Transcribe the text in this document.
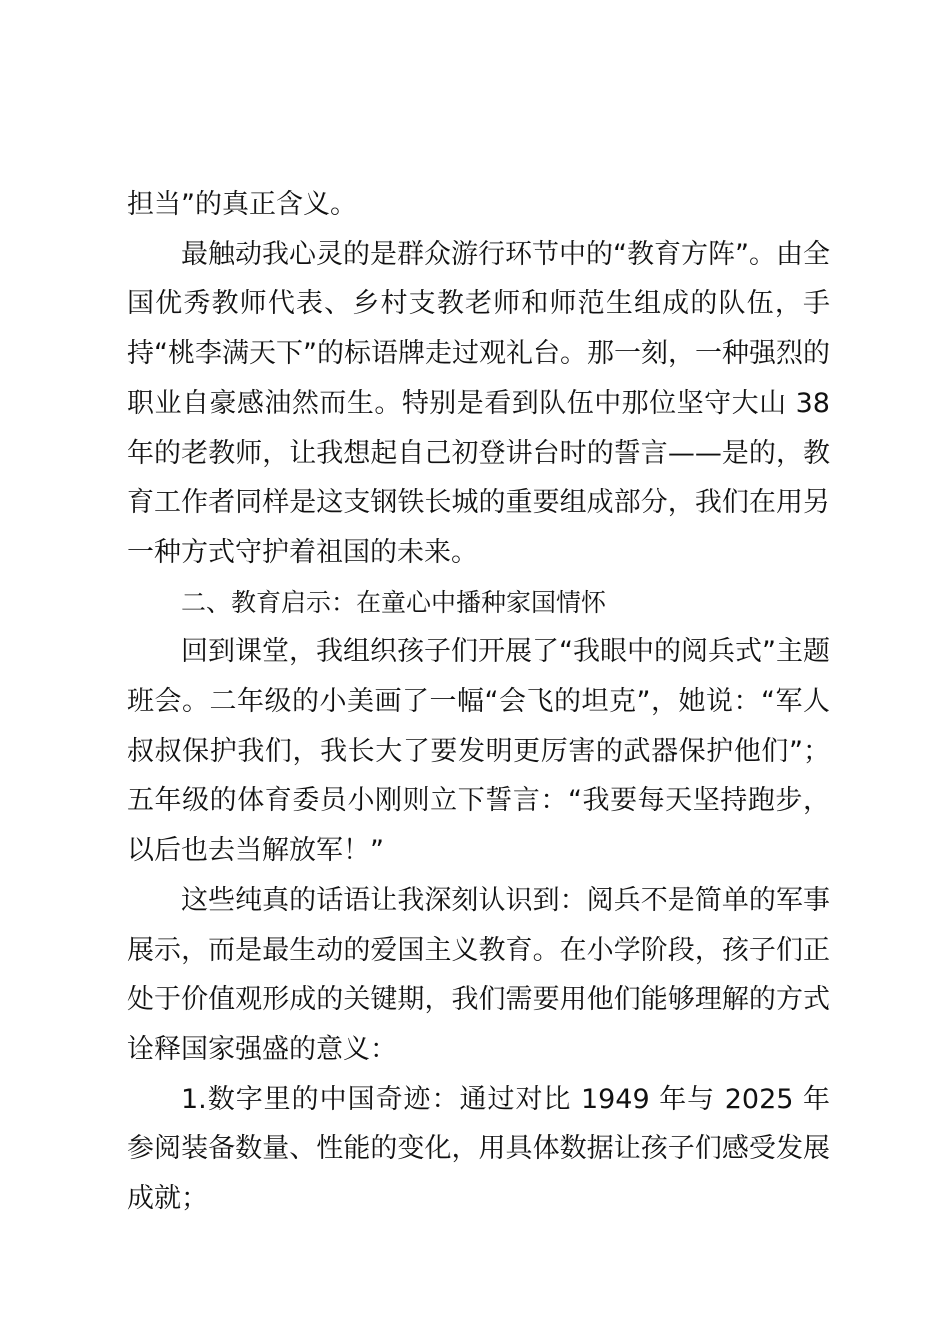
担当”的真正含义。

最触动我心灵的是群众游行环节中的“教育方阵”。由全国优秀教师代表、乡村支教老师和师范生组成的队伍，手持“桃李满天下”的标语牌走过观礼台。那一刻，一种强烈的职业自豪感油然而生。特别是看到队伍中那位坚守大山 38 年的老教师，让我想起自己初登讲台时的誓言——是的，教育工作者同样是这支钢铁长城的重要组成部分，我们在用另一种方式守护着祖国的未来。

二、教育启示：在童心中播种家国情怀

回到课堂，我组织孩子们开展了“我眼中的阅兵式”主题班会。二年级的小美画了一幅“会飞的坦克”，她说：“军人叔叔保护我们，我长大了要发明更厉害的武器保护他们”；五年级的体育委员小刚则立下誓言：“我要每天坚持跑步，以后也去当解放军！”

这些纯真的话语让我深刻认识到：阅兵不是简单的军事展示，而是最生动的爱国主义教育。在小学阶段，孩子们正处于价值观形成的关键期，我们需要用他们能够理解的方式诠释国家强盛的意义：

1.数字里的中国奇迹：通过对比 1949 年与 2025 年参阅装备数量、性能的变化，用具体数据让孩子们感受发展成就；
